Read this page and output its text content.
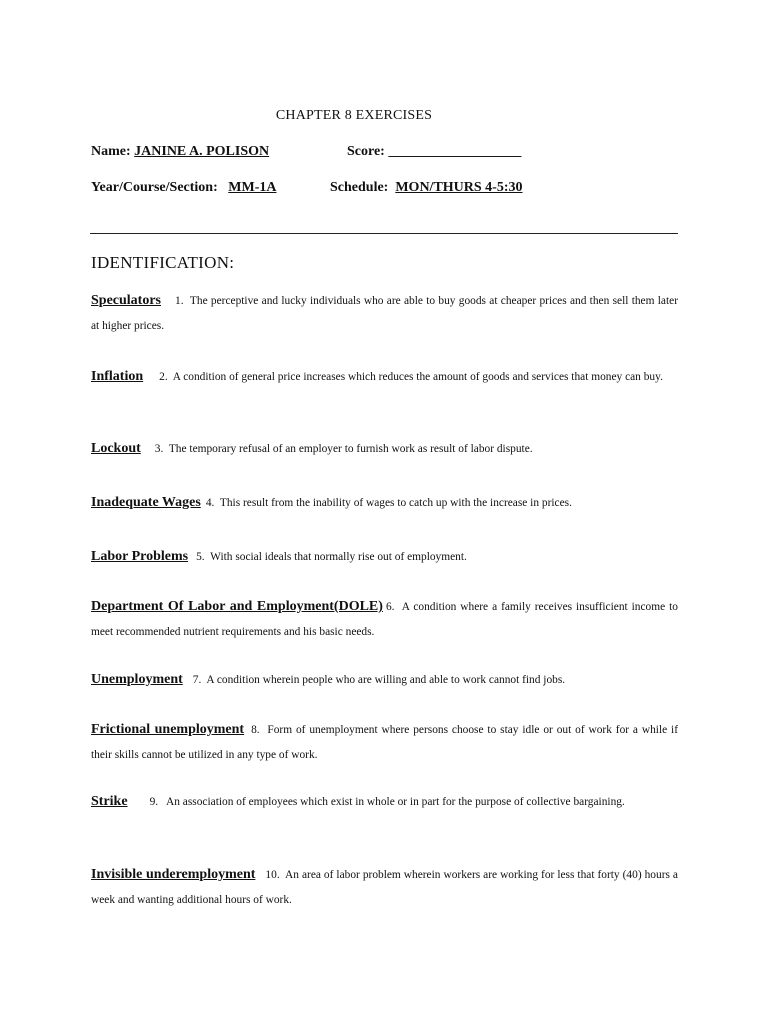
CHAPTER 8 EXERCISES
Name: JANINE A. POLISON	Score: ___________________
Year/Course/Section: MM-1A	Schedule: MON/THURS 4-5:30
IDENTIFICATION:
Speculators 1. The perceptive and lucky individuals who are able to buy goods at cheaper prices and then sell them later at higher prices.
Inflation 2. A condition of general price increases which reduces the amount of goods and services that money can buy.
Lockout 3. The temporary refusal of an employer to furnish work as result of labor dispute.
Inadequate Wages 4. This result from the inability of wages to catch up with the increase in prices.
Labor Problems 5. With social ideals that normally rise out of employment.
Department Of Labor and Employment(DOLE) 6. A condition where a family receives insufficient income to meet recommended nutrient requirements and his basic needs.
Unemployment 7. A condition wherein people who are willing and able to work cannot find jobs.
Frictional unemployment 8. Form of unemployment where persons choose to stay idle or out of work for a while if their skills cannot be utilized in any type of work.
Strike 9. An association of employees which exist in whole or in part for the purpose of collective bargaining.
Invisible underemployment 10. An area of labor problem wherein workers are working for less that forty (40) hours a week and wanting additional hours of work.
